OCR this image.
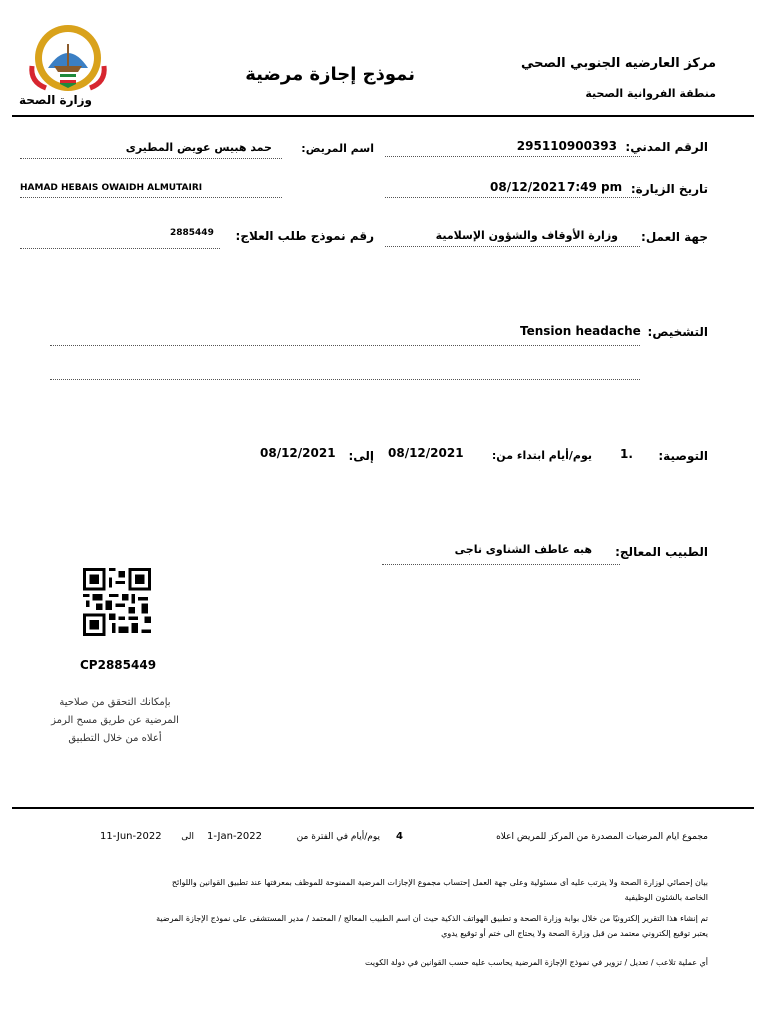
وزارة الصحة
نموذج إجازة مرضية
مركز العارضيه الجنوبي الصحي
منطقة الفروانية الصحية
الرقم المدني:
295110900393
اسم المريض:
حمد هبيس عويض المطيرى
تاريخ الزيارة:
08/12/2021 7:49 pm
HAMAD HEBAIS OWAIDH ALMUTAIRI
جهة العمل:
وزارة الأوقاف والشؤون الإسلامية
رقم نموذج طلب العلاج:
2885449
التشخيص:
Tension headache
التوصية:
1.
يوم/أيام ابتداء من:
08/12/2021
إلى:
08/12/2021
الطبيب المعالج:
هبه عاطف الشناوى ناجى
CP2885449
بإمكانك التحقق من صلاحية
المرضية عن طريق مسح الرمز
أعلاه من خلال التطبيق
مجموع ايام المرضيات المصدرة من المركز للمريض اعلاه
4
يوم/أيام في الفترة من
1-Jan-2022
الى
11-Jun-2022
بيان إحصائي لوزارة الصحة ولا يترتب عليه أى مسئولية وعلى جهة العمل إحتساب مجموع الإجازات المرضية الممنوحة للموظف بمعرفتها عند تطبيق القوانين واللوائح
الخاصة بالشئون الوظيفية
تم إنشاء هذا التقرير إلكترونيًا من خلال بوابة وزارة الصحة و تطبيق الهواتف الذكية حيث أن اسم الطبيب المعالج / المعتمد / مدير المستشفى على نموذج الإجازة المرضية
يعتبر توقيع إلكتروني معتمد من قبل وزارة الصحة ولا يحتاج الى ختم أو توقيع يدوي
أي عملية تلاعب / تعديل / تزوير في نموذج الإجازة المرضية يحاسب عليه حسب القوانين في دولة الكويت
